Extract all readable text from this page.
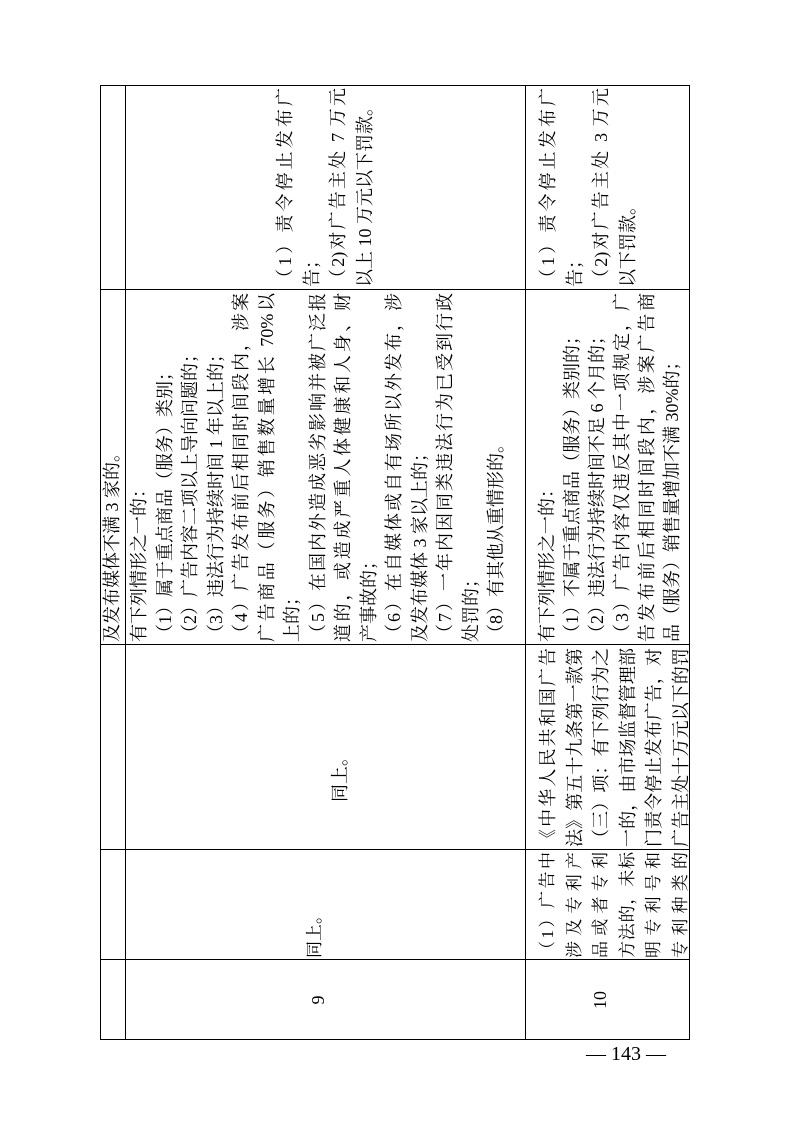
及发布媒体不满 3 家的。
9
同上。
同上。
有下列情形之一的： （1）属于重点商品（服务）类别； （2）广告内容二项以上导向问题的； （3）违法行为持续时间 1 年以上的； （4）广告发布前后相同时间段内，涉案 广告商品（服务）销售数量增长 70%以 上的； （5）在国内外造成恶劣影响并被广泛报 道的，或造成严重人体健康和人身、财 产事故的； （6）在自媒体或自有场所以外发布，涉 及发布媒体 3 家以上的； （7）一年内因同类违法行为已受到行政 处罚的； （8）有其他从重情形的。
（1）责令停止发布广 告； （2)对广告主处 7 万元 以上 10 万元以下罚款。
10
（1）广告中 涉及专利产 品或者专利 方法的，未标 明专利号和 专利种类的
《中华人民共和国广告 法》第五十九条第一款第 （三）项：有下列行为之 一的，由市场监督管理部 门责令停止发布广告，对 广告主处十万元以下的罚
有下列情形之一的： （1）不属于重点商品（服务）类别的； （2）违法行为持续时间不足 6 个月的； （3）广告内容仅违反其中一项规定，广 告发布前后相同时间段内，涉案广告商 品（服务）销售量增加不满 30%的；
（1）责令停止发布广 告； （2)对广告主处 3 万元 以下罚款。
— 143 —
